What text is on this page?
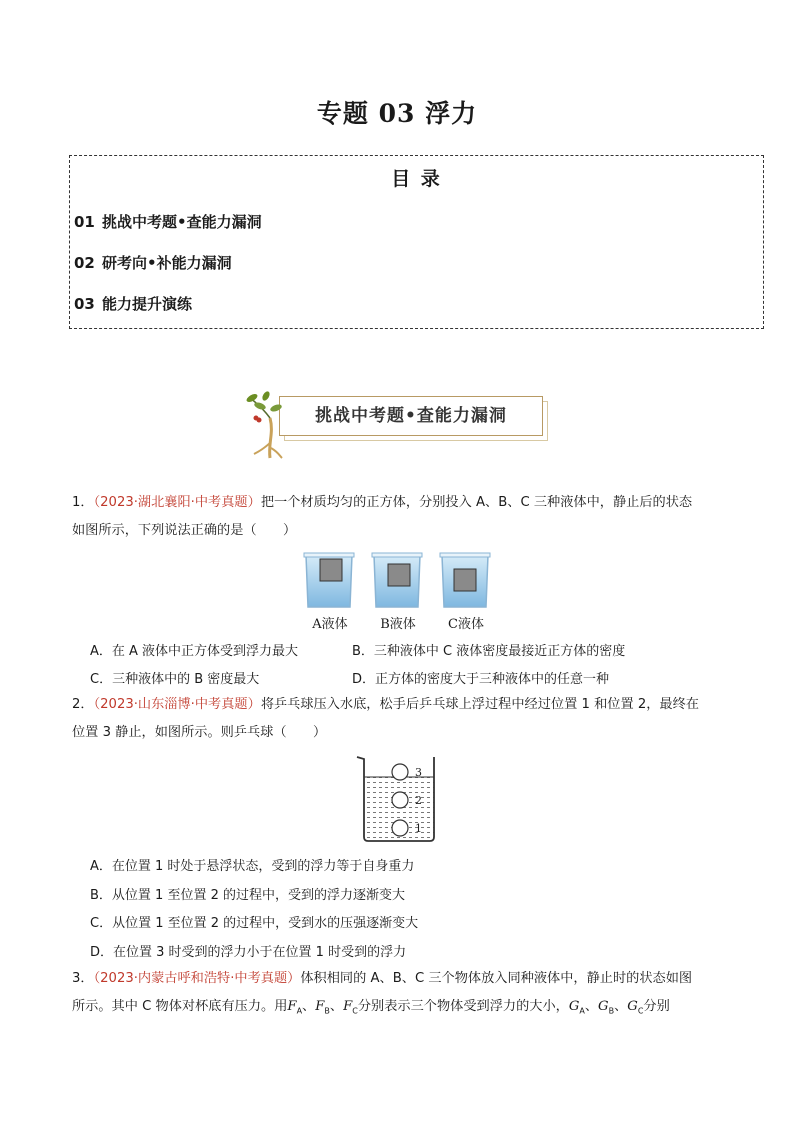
专题 03 浮力
目 录
01 挑战中考题•查能力漏洞
02 研考向•补能力漏洞
03 能力提升演练
挑战中考题•查能力漏洞
1．（2023·湖北襄阳·中考真题）把一个材质均匀的正方体，分别投入 A、B、C 三种液体中，静止后的状态
如图所示，下列说法正确的是（　　）
A液体	B液体	C液体
A．在 A 液体中正方体受到浮力最大	B．三种液体中 C 液体密度最接近正方体的密度
C．三种液体中的 B 密度最大	D．正方体的密度大于三种液体中的任意一种
2．（2023·山东淄博·中考真题）将乒乓球压入水底，松手后乒乓球上浮过程中经过位置 1 和位置 2，最终在
位置 3 静止，如图所示。则乒乓球（　　）
3
2
1
A．在位置 1 时处于悬浮状态，受到的浮力等于自身重力
B．从位置 1 至位置 2 的过程中，受到的浮力逐渐变大
C．从位置 1 至位置 2 的过程中，受到水的压强逐渐变大
D．在位置 3 时受到的浮力小于在位置 1 时受到的浮力
3．（2023·内蒙古呼和浩特·中考真题）体积相同的 A、B、C 三个物体放入同种液体中，静止时的状态如图
所示。其中 C 物体对杯底有压力。用$F_A$、$F_B$、$F_C$分别表示三个物体受到浮力的大小，$G_A$、$G_B$、$G_C$分别
